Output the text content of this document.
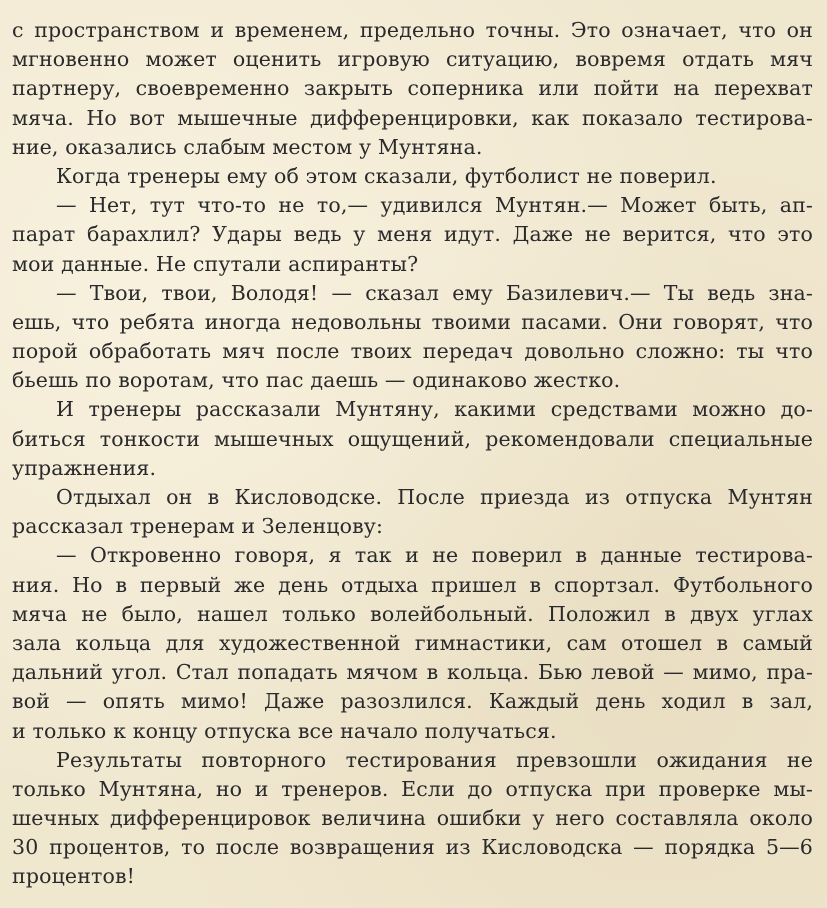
с пространством и временем, предельно точны. Это означает, что он
мгновенно может оценить игровую ситуацию, вовремя отдать мяч
партнеру, своевременно закрыть соперника или пойти на перехват
мяча. Но вот мышечные дифференцировки, как показало тестирова-
ние, оказались слабым местом у Мунтяна.
Когда тренеры ему об этом сказали, футболист не поверил.
— Нет, тут что-то не то,— удивился Мунтян.— Может быть, ап-
парат барахлил? Удары ведь у меня идут. Даже не верится, что это
мои данные. Не спутали аспиранты?
— Твои, твои, Володя! — сказал ему Базилевич.— Ты ведь зна-
ешь, что ребята иногда недовольны твоими пасами. Они говорят, что
порой обработать мяч после твоих передач довольно сложно: ты что
бьешь по воротам, что пас даешь — одинаково жестко.
И тренеры рассказали Мунтяну, какими средствами можно до-
биться тонкости мышечных ощущений, рекомендовали специальные
упражнения.
Отдыхал он в Кисловодске. После приезда из отпуска Мунтян
рассказал тренерам и Зеленцову:
— Откровенно говоря, я так и не поверил в данные тестирова-
ния. Но в первый же день отдыха пришел в спортзал. Футбольного
мяча не было, нашел только волейбольный. Положил в двух углах
зала кольца для художественной гимнастики, сам отошел в самый
дальний угол. Стал попадать мячом в кольца. Бью левой — мимо, пра-
вой — опять мимо! Даже разозлился. Каждый день ходил в зал,
и только к концу отпуска все начало получаться.
Результаты повторного тестирования превзошли ожидания не
только Мунтяна, но и тренеров. Если до отпуска при проверке мы-
шечных дифференцировок величина ошибки у него составляла около
30 процентов, то после возвращения из Кисловодска — порядка 5—6
процентов!
